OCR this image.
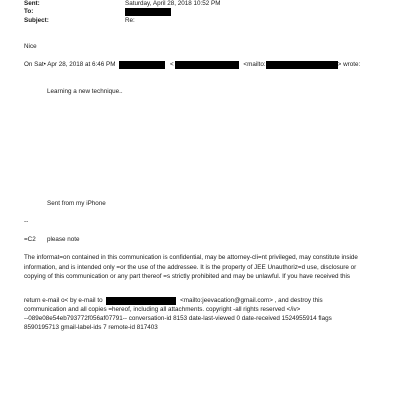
Sent:	Saturday, April 28, 2018 10:52 PM
To:
Subject:	Re:
Nice
On Sat• Apr 28, 2018 at 6:46 PM	<	<mailto:	> wrote:
Learning a new technique..
Sent from my iPhone
--
=C2 please note
The informat=on contained in this communication is confidential, may be attorney-cli=nt privileged, may constitute inside information, and is intended only =or the use of the addressee. It is the property of JEE Unauthoriz=d use, disclosure or copying of this communication or any part thereof =s strictly prohibited and may be unlawful. If you have received this
return e-mail o< by e-mail to	<mailto:jeevacation@gmail.com> , and destroy this
communication and all copies =hereof, including all attachments. copyright -all rights reserved </iv>
--089e08e54eb793772f056af07791-- conversation-id 8153 date-last-viewed 0 date-received 1524955914 flags
8590195713 gmail-label-ids 7 remote-id 817403
